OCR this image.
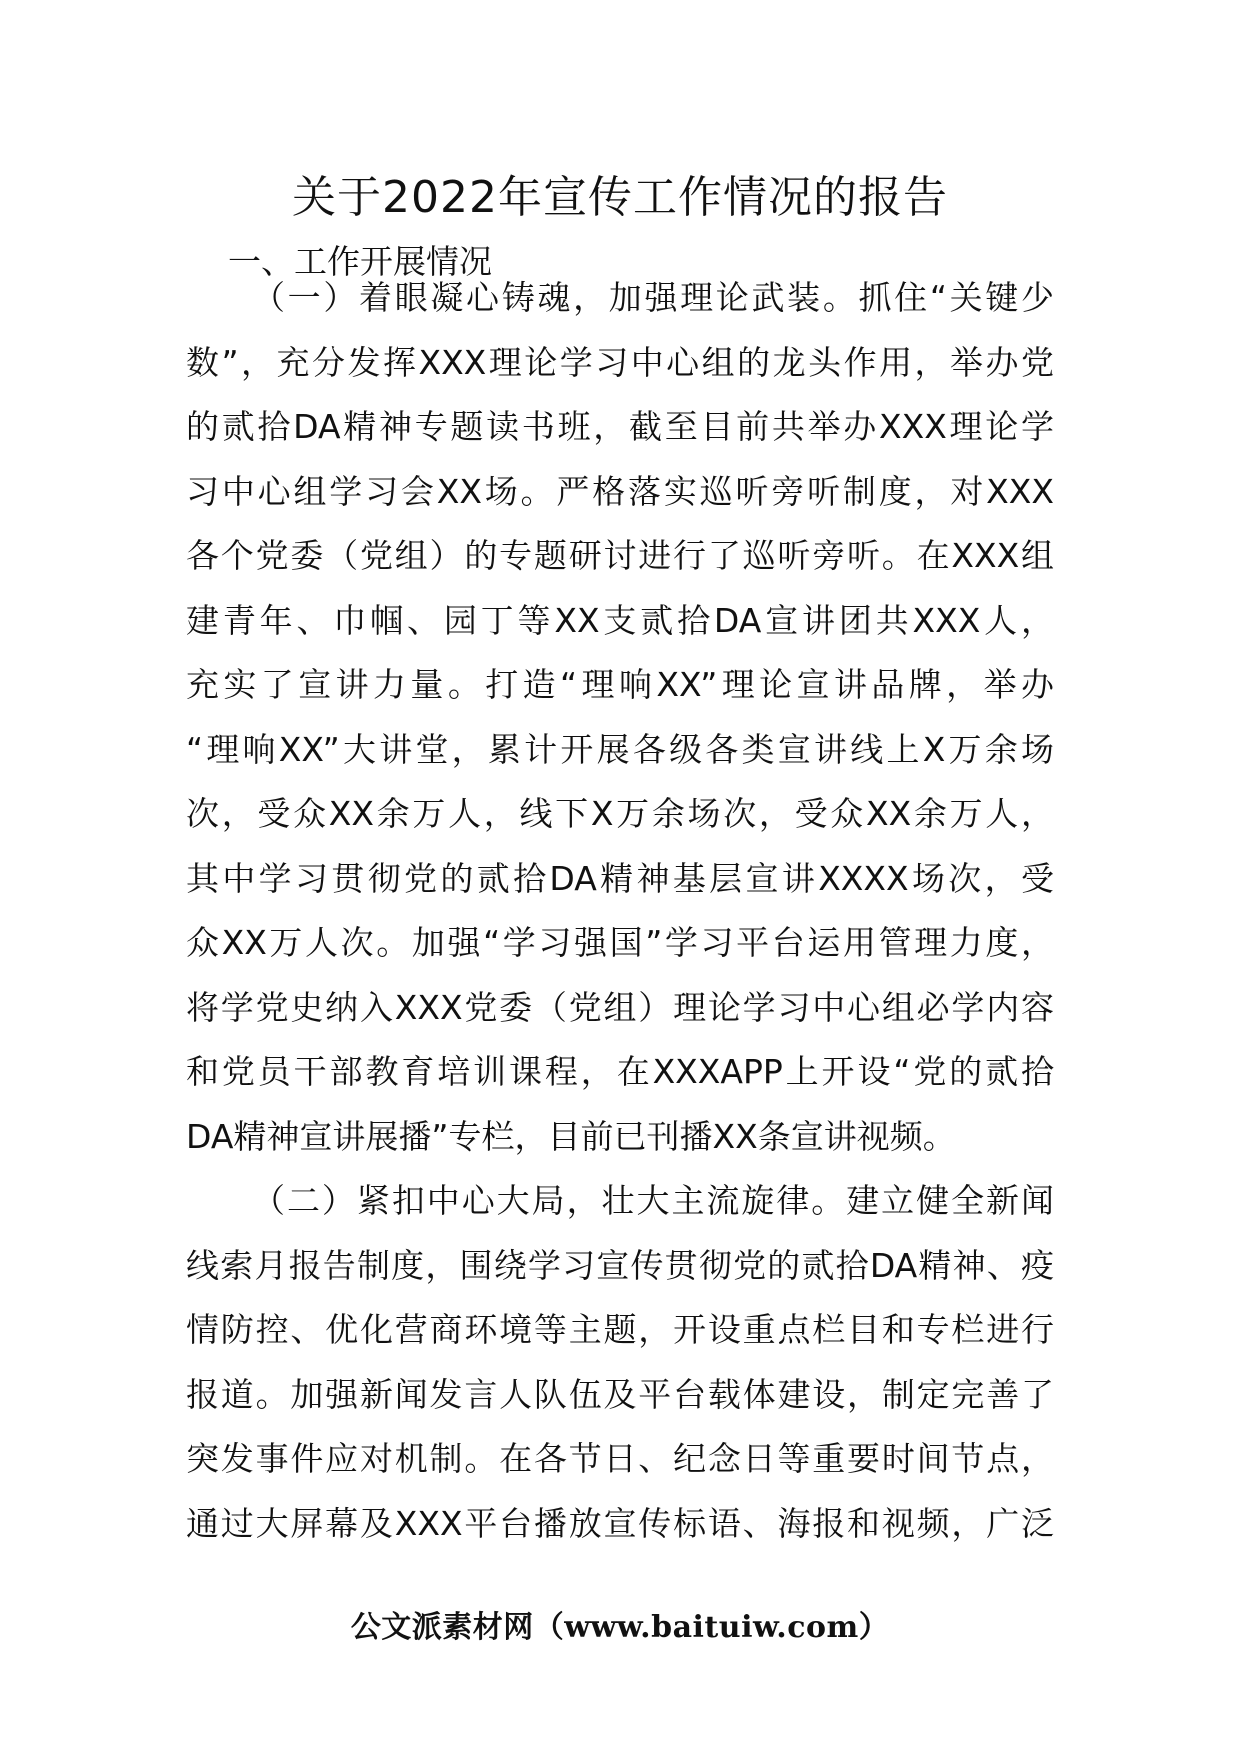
关于2022年宣传工作情况的报告
一、工作开展情况

（一）着眼凝心铸魂，加强理论武装。抓住“关键少
数”，充分发挥XXX理论学习中心组的龙头作用，举办党
的贰拾DA精神专题读书班，截至目前共举办XXX理论学
习中心组学习会XX场。严格落实巡听旁听制度，对XXX
各个党委（党组）的专题研讨进行了巡听旁听。在XXX组
建青年、巾帼、园丁等XX支贰拾DA宣讲团共XXX人，
充实了宣讲力量。打造“理响XX”理论宣讲品牌，举办
“理响XX”大讲堂，累计开展各级各类宣讲线上X万余场
次，受众XX余万人，线下X万余场次，受众XX余万人，
其中学习贯彻党的贰拾DA精神基层宣讲XXXX场次，受
众XX万人次。加强“学习强国”学习平台运用管理力度，
将学党史纳入XXX党委（党组）理论学习中心组必学内容
和党员干部教育培训课程，在XXXAPP上开设“党的贰拾
DA精神宣讲展播”专栏，目前已刊播XX条宣讲视频。

（二）紧扣中心大局，壮大主流旋律。建立健全新闻
线索月报告制度，围绕学习宣传贯彻党的贰拾DA精神、疫
情防控、优化营商环境等主题，开设重点栏目和专栏进行
报道。加强新闻发言人队伍及平台载体建设，制定完善了
突发事件应对机制。在各节日、纪念日等重要时间节点，
通过大屏幕及XXX平台播放宣传标语、海报和视频，广泛

公文派素材网（www.baituiw.com）
